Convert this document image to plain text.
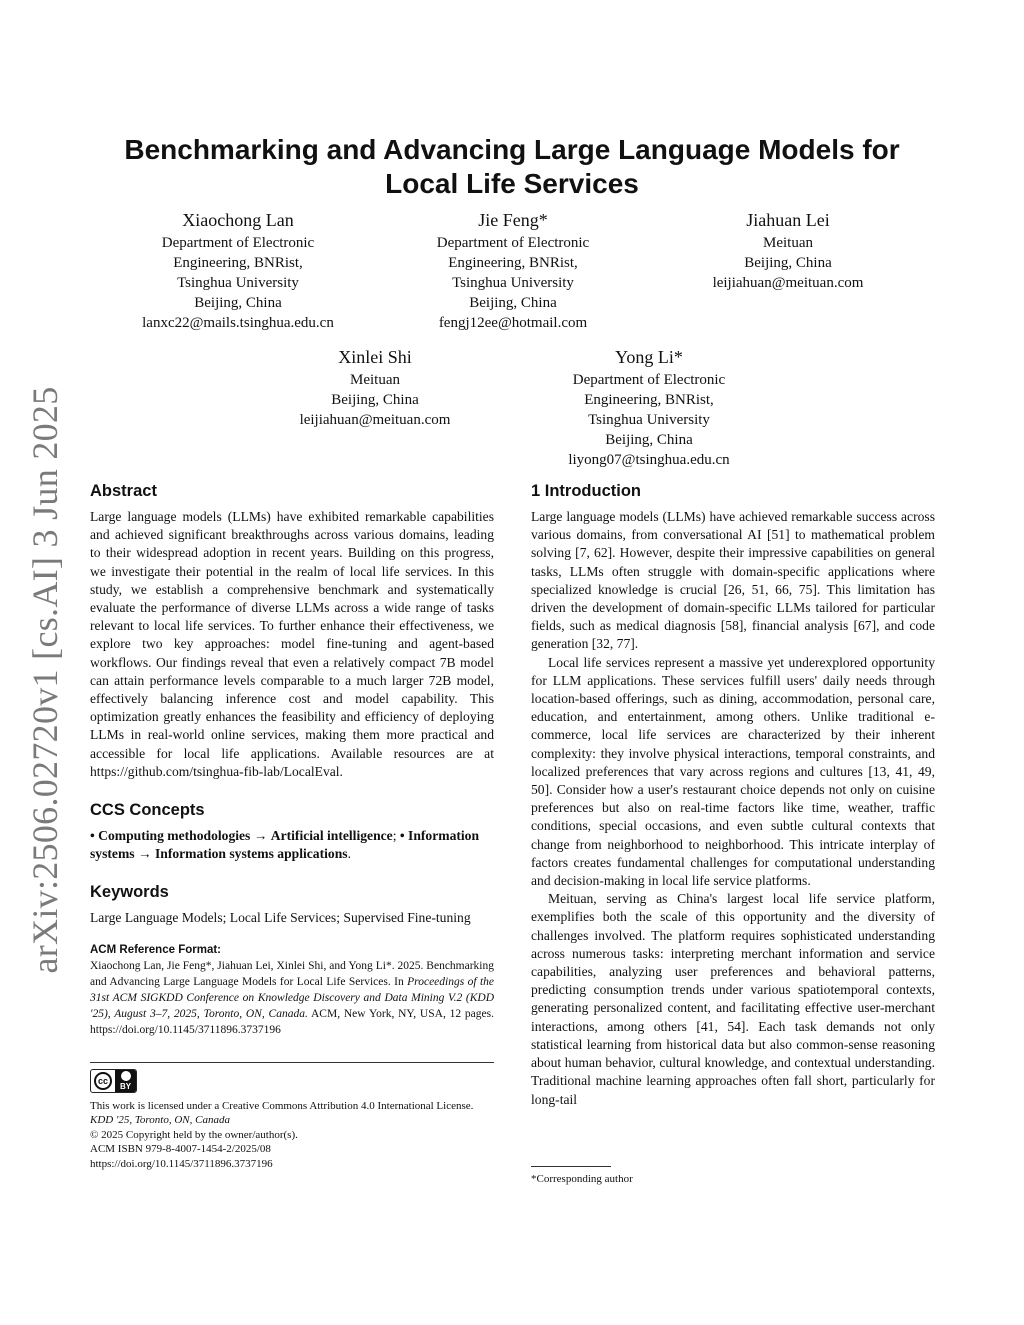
arXiv:2506.02720v1 [cs.AI] 3 Jun 2025
Benchmarking and Advancing Large Language Models for Local Life Services
Xiaochong Lan
Department of Electronic
Engineering, BNRist,
Tsinghua University
Beijing, China
lanxc22@mails.tsinghua.edu.cn
Jie Feng*
Department of Electronic
Engineering, BNRist,
Tsinghua University
Beijing, China
fengj12ee@hotmail.com
Jiahuan Lei
Meituan
Beijing, China
leijiahuan@meituan.com
Xinlei Shi
Meituan
Beijing, China
leijiahuan@meituan.com
Yong Li*
Department of Electronic
Engineering, BNRist,
Tsinghua University
Beijing, China
liyong07@tsinghua.edu.cn
Abstract

Large language models (LLMs) have exhibited remarkable capabilities and achieved significant breakthroughs across various domains, leading to their widespread adoption in recent years. Building on this progress, we investigate their potential in the realm of local life services. In this study, we establish a comprehensive benchmark and systematically evaluate the performance of diverse LLMs across a wide range of tasks relevant to local life services. To further enhance their effectiveness, we explore two key approaches: model fine-tuning and agent-based workflows. Our findings reveal that even a relatively compact 7B model can attain performance levels comparable to a much larger 72B model, effectively balancing inference cost and model capability. This optimization greatly enhances the feasibility and efficiency of deploying LLMs in real-world online services, making them more practical and accessible for local life applications. Available resources are at https://github.com/tsinghua-fib-lab/LocalEval.

CCS Concepts

• Computing methodologies → Artificial intelligence; • Information systems → Information systems applications.

Keywords

Large Language Models; Local Life Services; Supervised Fine-tuning

ACM Reference Format:

Xiaochong Lan, Jie Feng*, Jiahuan Lei, Xinlei Shi, and Yong Li*. 2025. Benchmarking and Advancing Large Language Models for Local Life Services. In Proceedings of the 31st ACM SIGKDD Conference on Knowledge Discovery and Data Mining V.2 (KDD '25), August 3–7, 2025, Toronto, ON, Canada. ACM, New York, NY, USA, 12 pages. https://doi.org/10.1145/3711896.3737196

cc
BY

This work is licensed under a Creative Commons Attribution 4.0 International License.

KDD '25, Toronto, ON, Canada

© 2025 Copyright held by the owner/author(s).

ACM ISBN 979-8-4007-1454-2/2025/08

https://doi.org/10.1145/3711896.3737196

1 Introduction

Large language models (LLMs) have achieved remarkable success across various domains, from conversational AI [51] to mathematical problem solving [7, 62]. However, despite their impressive capabilities on general tasks, LLMs often struggle with domain-specific applications where specialized knowledge is crucial [26, 51, 66, 75]. This limitation has driven the development of domain-specific LLMs tailored for particular fields, such as medical diagnosis [58], financial analysis [67], and code generation [32, 77].

Local life services represent a massive yet underexplored opportunity for LLM applications. These services fulfill users' daily needs through location-based offerings, such as dining, accommodation, personal care, education, and entertainment, among others. Unlike traditional e-commerce, local life services are characterized by their inherent complexity: they involve physical interactions, temporal constraints, and localized preferences that vary across regions and cultures [13, 41, 49, 50]. Consider how a user's restaurant choice depends not only on cuisine preferences but also on real-time factors like time, weather, traffic conditions, special occasions, and even subtle cultural contexts that change from neighborhood to neighborhood. This intricate interplay of factors creates fundamental challenges for computational understanding and decision-making in local life service platforms.

Meituan, serving as China's largest local life service platform, exemplifies both the scale of this opportunity and the diversity of challenges involved. The platform requires sophisticated understanding across numerous tasks: interpreting merchant information and service capabilities, analyzing user preferences and behavioral patterns, predicting consumption trends under various spatiotemporal contexts, generating personalized content, and facilitating effective user-merchant interactions, among others [41, 54]. Each task demands not only statistical learning from historical data but also common-sense reasoning about human behavior, cultural knowledge, and contextual understanding. Traditional machine learning approaches often fall short, particularly for long-tail

*Corresponding author
